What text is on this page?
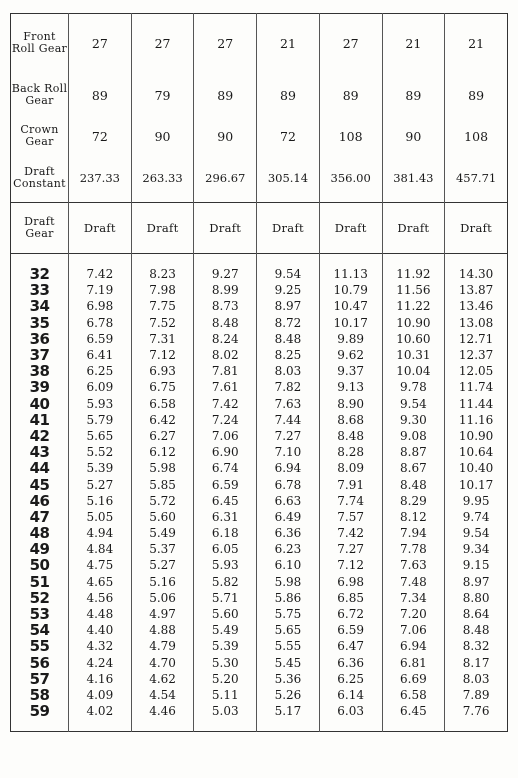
Front Roll Gear	27	27	27	21	27	21	21
Back Roll Gear	89	79	89	89	89	89	89
Crown Gear	72	90	90	72	108	90	108
Draft Constant	237.33	263.33	296.67	305.14	356.00	381.43	457.71

Draft Gear	Draft	Draft	Draft	Draft	Draft	Draft	Draft

32	7.42	8.23	9.27	9.54	11.13	11.92	14.30
33	7.19	7.98	8.99	9.25	10.79	11.56	13.87
34	6.98	7.75	8.73	8.97	10.47	11.22	13.46
35	6.78	7.52	8.48	8.72	10.17	10.90	13.08
36	6.59	7.31	8.24	8.48	9.89	10.60	12.71
37	6.41	7.12	8.02	8.25	9.62	10.31	12.37
38	6.25	6.93	7.81	8.03	9.37	10.04	12.05
39	6.09	6.75	7.61	7.82	9.13	9.78	11.74
40	5.93	6.58	7.42	7.63	8.90	9.54	11.44
41	5.79	6.42	7.24	7.44	8.68	9.30	11.16
42	5.65	6.27	7.06	7.27	8.48	9.08	10.90
43	5.52	6.12	6.90	7.10	8.28	8.87	10.64
44	5.39	5.98	6.74	6.94	8.09	8.67	10.40
45	5.27	5.85	6.59	6.78	7.91	8.48	10.17
46	5.16	5.72	6.45	6.63	7.74	8.29	9.95
47	5.05	5.60	6.31	6.49	7.57	8.12	9.74
48	4.94	5.49	6.18	6.36	7.42	7.94	9.54
49	4.84	5.37	6.05	6.23	7.27	7.78	9.34
50	4.75	5.27	5.93	6.10	7.12	7.63	9.15
51	4.65	5.16	5.82	5.98	6.98	7.48	8.97
52	4.56	5.06	5.71	5.86	6.85	7.34	8.80
53	4.48	4.97	5.60	5.75	6.72	7.20	8.64
54	4.40	4.88	5.49	5.65	6.59	7.06	8.48
55	4.32	4.79	5.39	5.55	6.47	6.94	8.32
56	4.24	4.70	5.30	5.45	6.36	6.81	8.17
57	4.16	4.62	5.20	5.36	6.25	6.69	8.03
58	4.09	4.54	5.11	5.26	6.14	6.58	7.89
59	4.02	4.46	5.03	5.17	6.03	6.45	7.76
